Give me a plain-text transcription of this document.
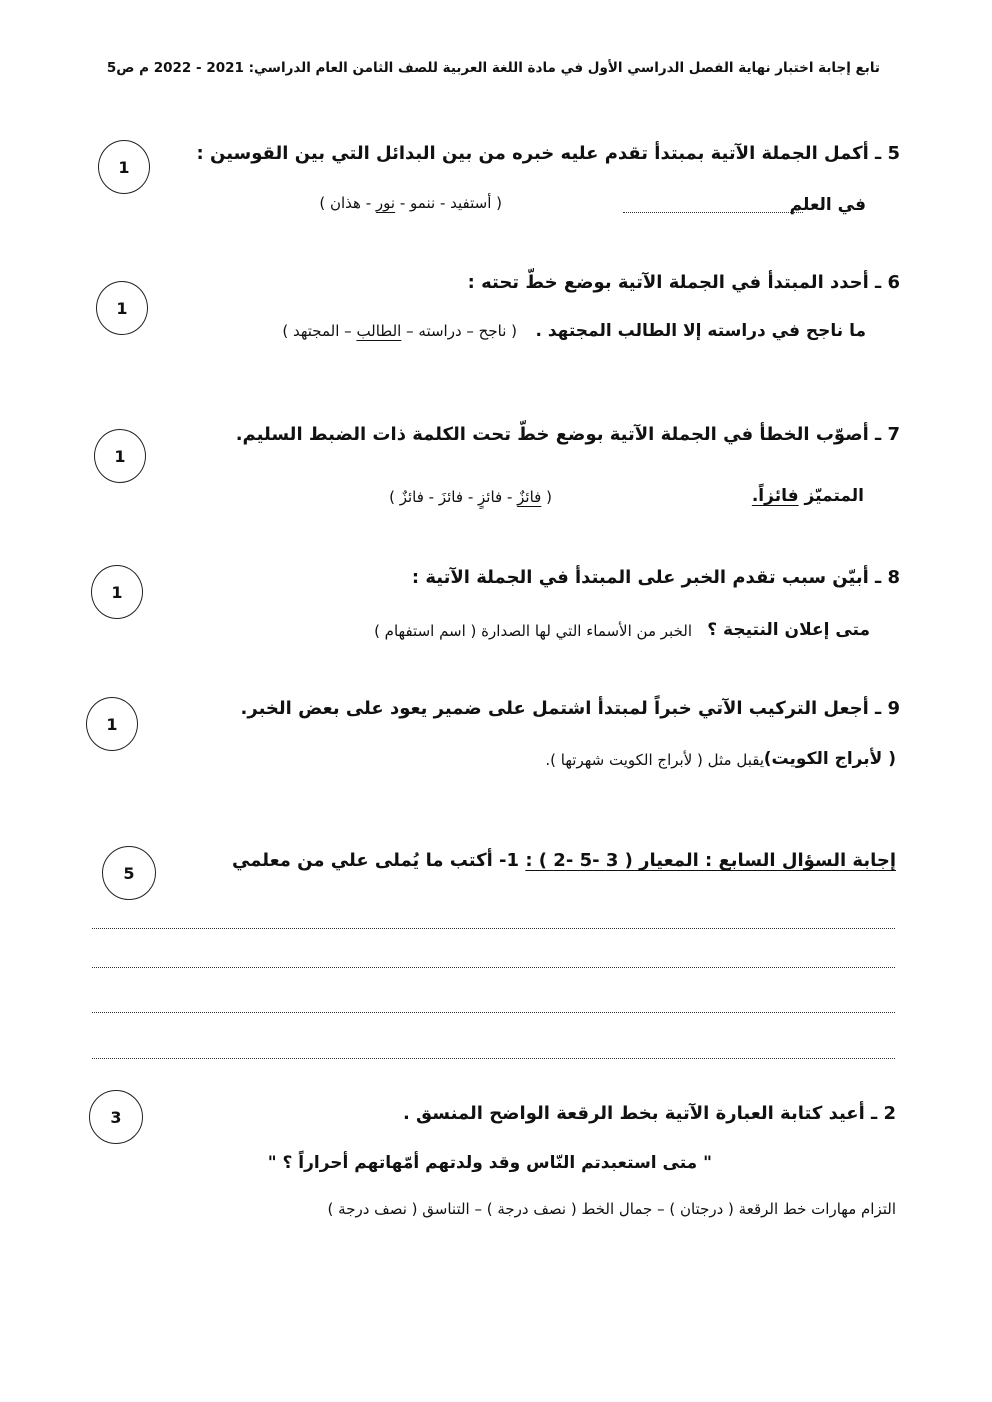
تابع إجابة اختبار نهاية الفصل الدراسي الأول في مادة اللغة العربية للصف الثامن العام الدراسي: 2021 - 2022 م ص5
5 ـ أكمل الجملة الآتية بمبتدأ تقدم عليه خبره من بين البدائل التي بين القوسين :
في العلم
( أستفيد - ننمو - نور - هذان )
1
6 ـ أحدد المبتدأ في الجملة الآتية بوضع خطّ تحته :
ما ناجح في دراسته إلا الطالب المجتهد .
( ناجح – دراسته – الطالب – المجتهد )
1
7 ـ أصوّب الخطأ في الجملة الآتية بوضع خطّ تحت الكلمة ذات الضبط السليم.
المتميّز فائزاً.
( فائزٌ - فائزٍ - فائزَ - فائزٌ )
1
8 ـ أبيّن سبب تقدم الخبر على المبتدأ في الجملة الآتية :
متى إعلان النتيجة ؟
الخبر من الأسماء التي لها الصدارة ( اسم استفهام )
1
9 ـ أجعل التركيب الآتي خبراً لمبتدأ اشتمل على ضمير يعود على بعض الخبر.
( لأبراج الكويت)
يقبل مثل ( لأبراج الكويت شهرتها ).
1
إجابة السؤال السابع : المعيار ( 3 -5 -2 ) : 1- أكتب ما يُملى علي من معلمي
5
2 ـ أعيد كتابة العبارة الآتية بخط الرقعة الواضح المنسق .
3
" متى استعبدتم النّاس وقد ولدتهم أمّهاتهم أحراراً ؟ "
التزام مهارات خط الرقعة ( درجتان ) – جمال الخط ( نصف درجة ) – التناسق ( نصف درجة )
